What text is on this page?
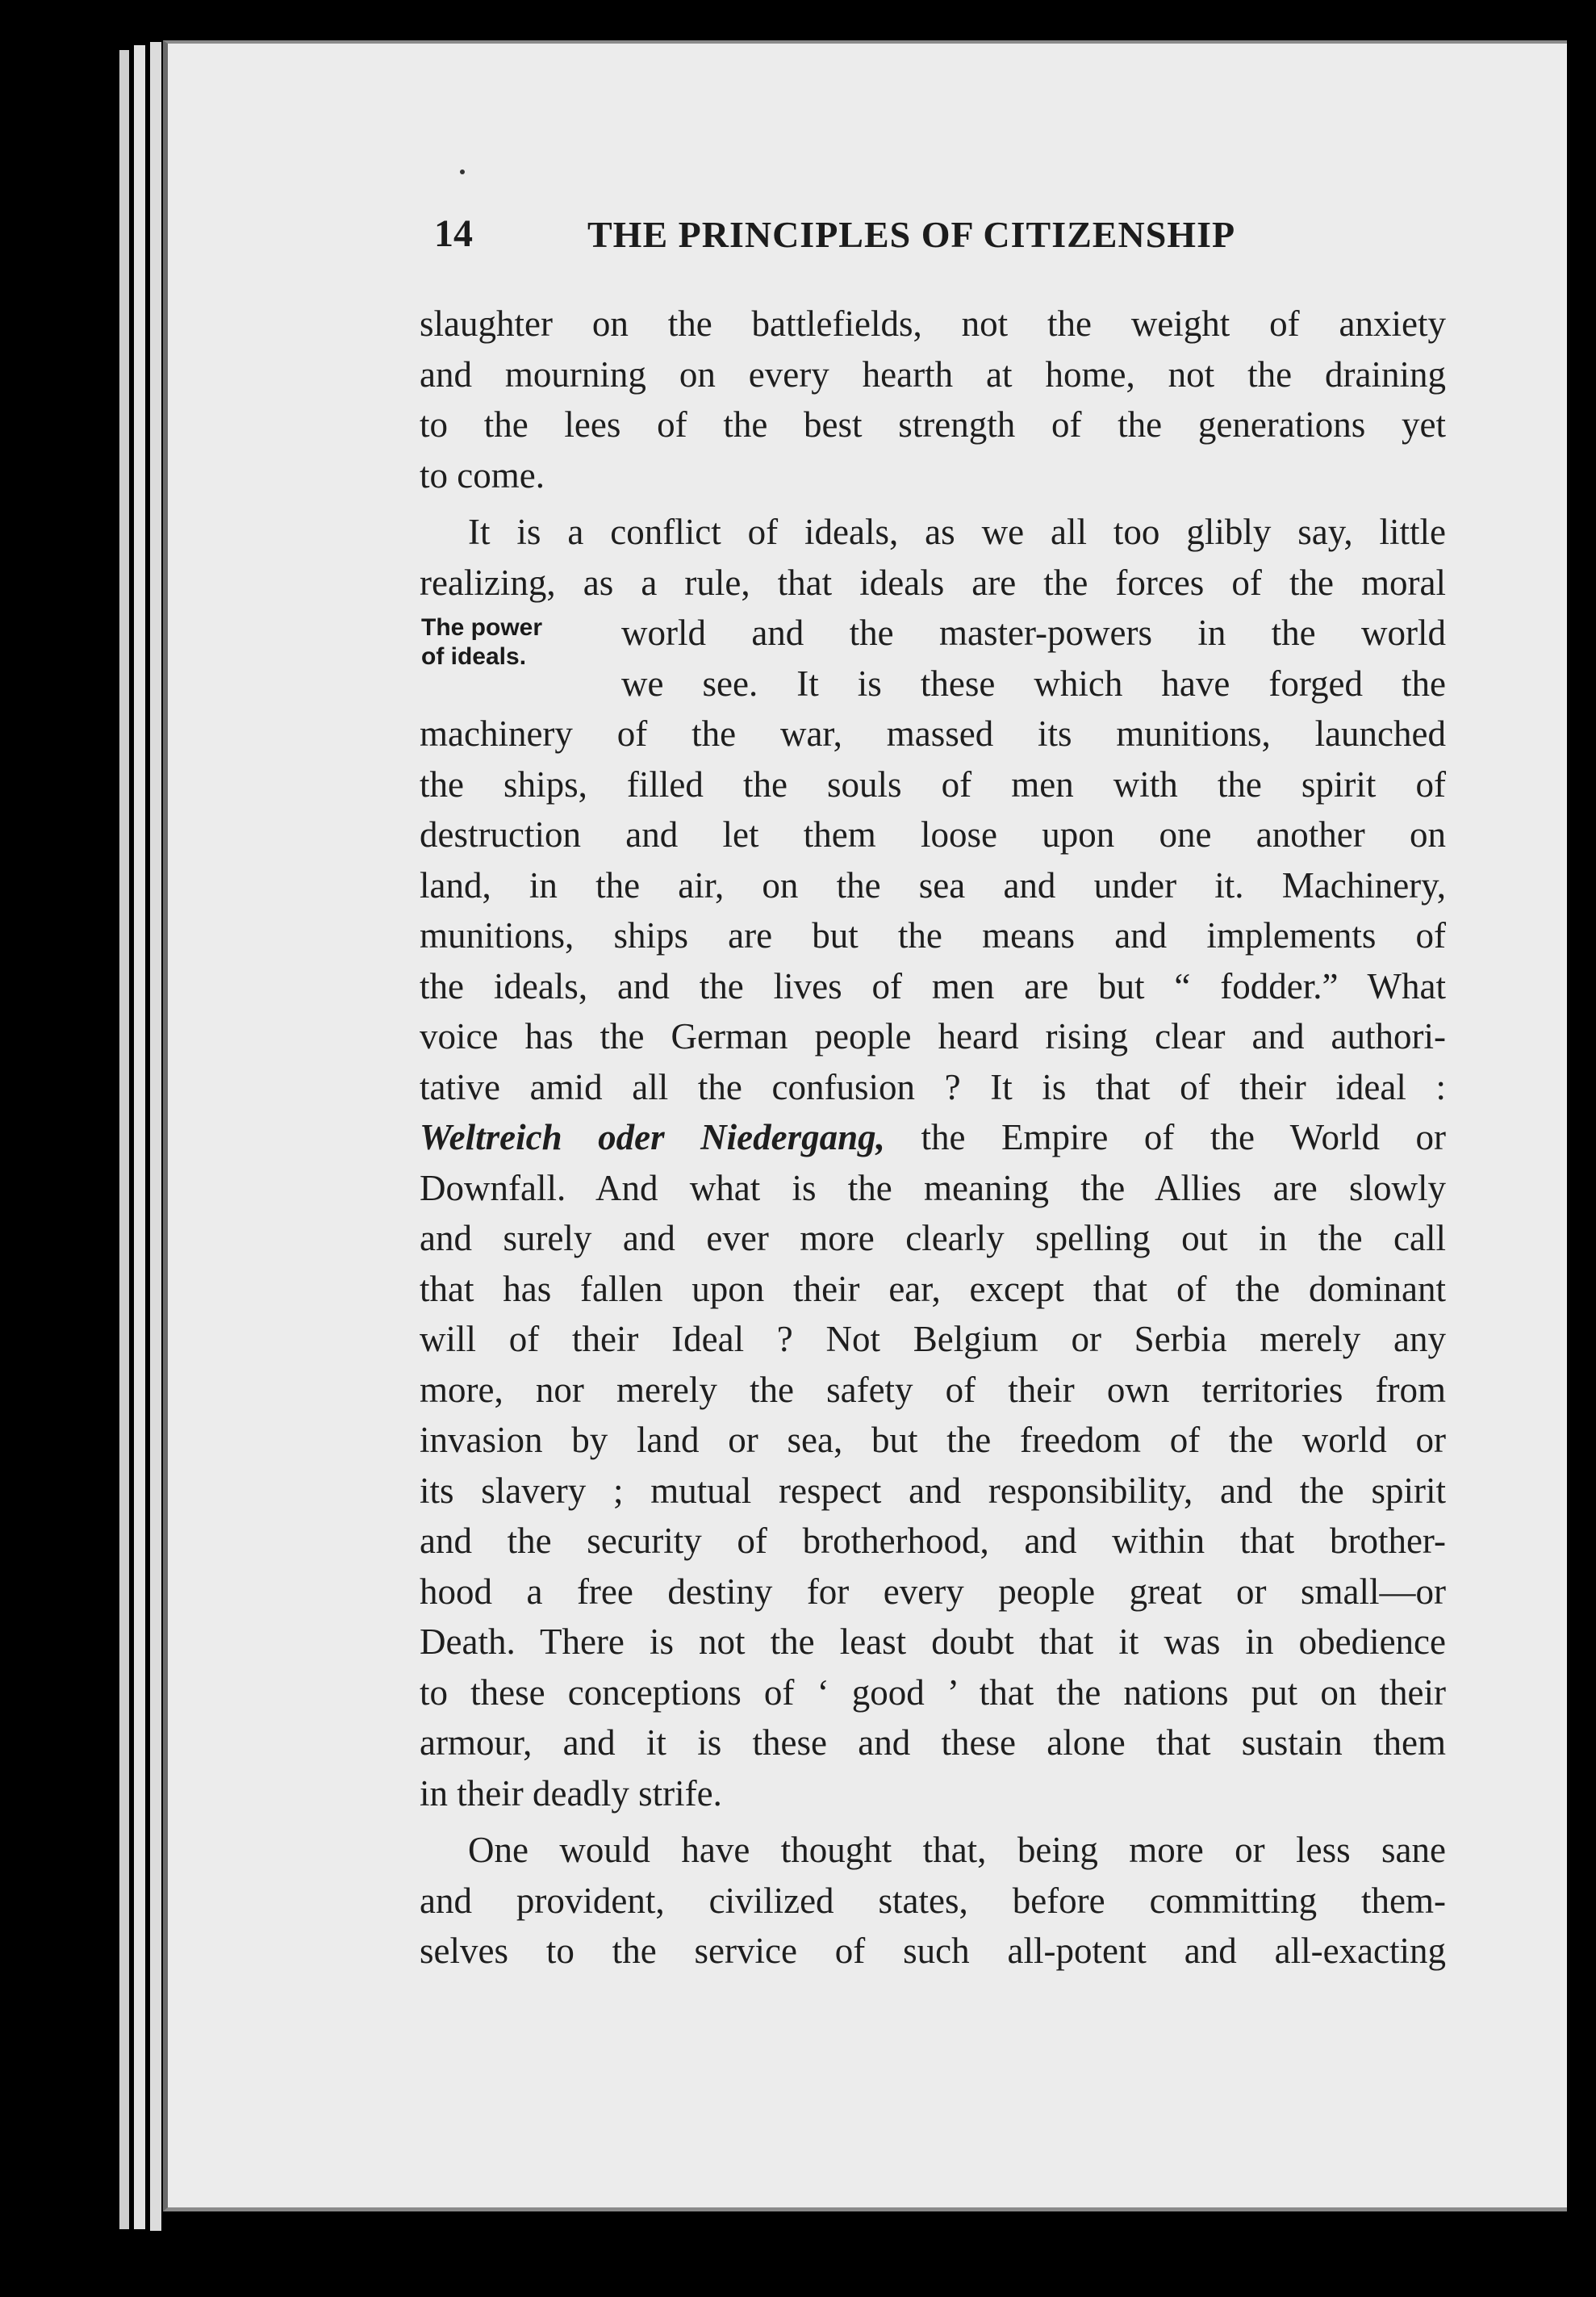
14	THE PRINCIPLES OF CITIZENSHIP
The power
of ideals.
slaughter on the battlefields, not the weight of anxiety
and mourning on every hearth at home, not the draining
to the lees of the best strength of the generations yet
to come.
It is a conflict of ideals, as we all too glibly say, little
realizing, as a rule, that ideals are the forces of the moral
world and the master-powers in the world
we see. It is these which have forged the
machinery of the war, massed its munitions, launched
the ships, filled the souls of men with the spirit of
destruction and let them loose upon one another on
land, in the air, on the sea and under it. Machinery,
munitions, ships are but the means and implements of
the ideals, and the lives of men are but “ fodder.” What
voice has the German people heard rising clear and authori-
tative amid all the confusion ? It is that of their ideal :
Weltreich oder Niedergang, the Empire of the World or
Downfall. And what is the meaning the Allies are slowly
and surely and ever more clearly spelling out in the call
that has fallen upon their ear, except that of the dominant
will of their Ideal ? Not Belgium or Serbia merely any
more, nor merely the safety of their own territories from
invasion by land or sea, but the freedom of the world or
its slavery ; mutual respect and responsibility, and the spirit
and the security of brotherhood, and within that brother-
hood a free destiny for every people great or small—or
Death. There is not the least doubt that it was in obedience
to these conceptions of ‘ good ’ that the nations put on their
armour, and it is these and these alone that sustain them
in their deadly strife.
One would have thought that, being more or less sane
and provident, civilized states, before committing them-
selves to the service of such all-potent and all-exacting
